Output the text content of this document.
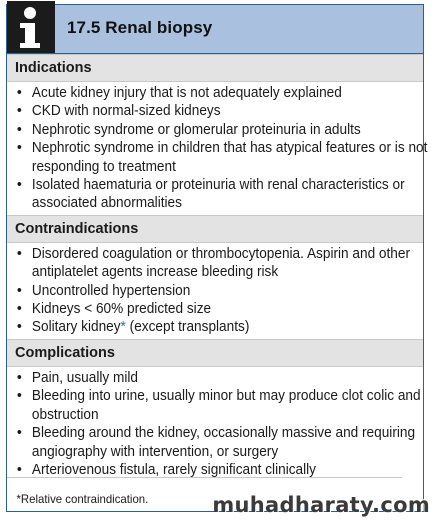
17.5 Renal biopsy
Indications
• Acute kidney injury that is not adequately explained
• CKD with normal-sized kidneys
• Nephrotic syndrome or glomerular proteinuria in adults
• Nephrotic syndrome in children that has atypical features or is not responding to treatment
• Isolated haematuria or proteinuria with renal characteristics or associated abnormalities
Contraindications
• Disordered coagulation or thrombocytopenia. Aspirin and other antiplatelet agents increase bleeding risk
• Uncontrolled hypertension
• Kidneys < 60% predicted size
• Solitary kidney* (except transplants)
Complications
• Pain, usually mild
• Bleeding into urine, usually minor but may produce clot colic and obstruction
• Bleeding around the kidney, occasionally massive and requiring angiography with intervention, or surgery
• Arteriovenous fistula, rarely significant clinically
*Relative contraindication.	muhadharaty.com
